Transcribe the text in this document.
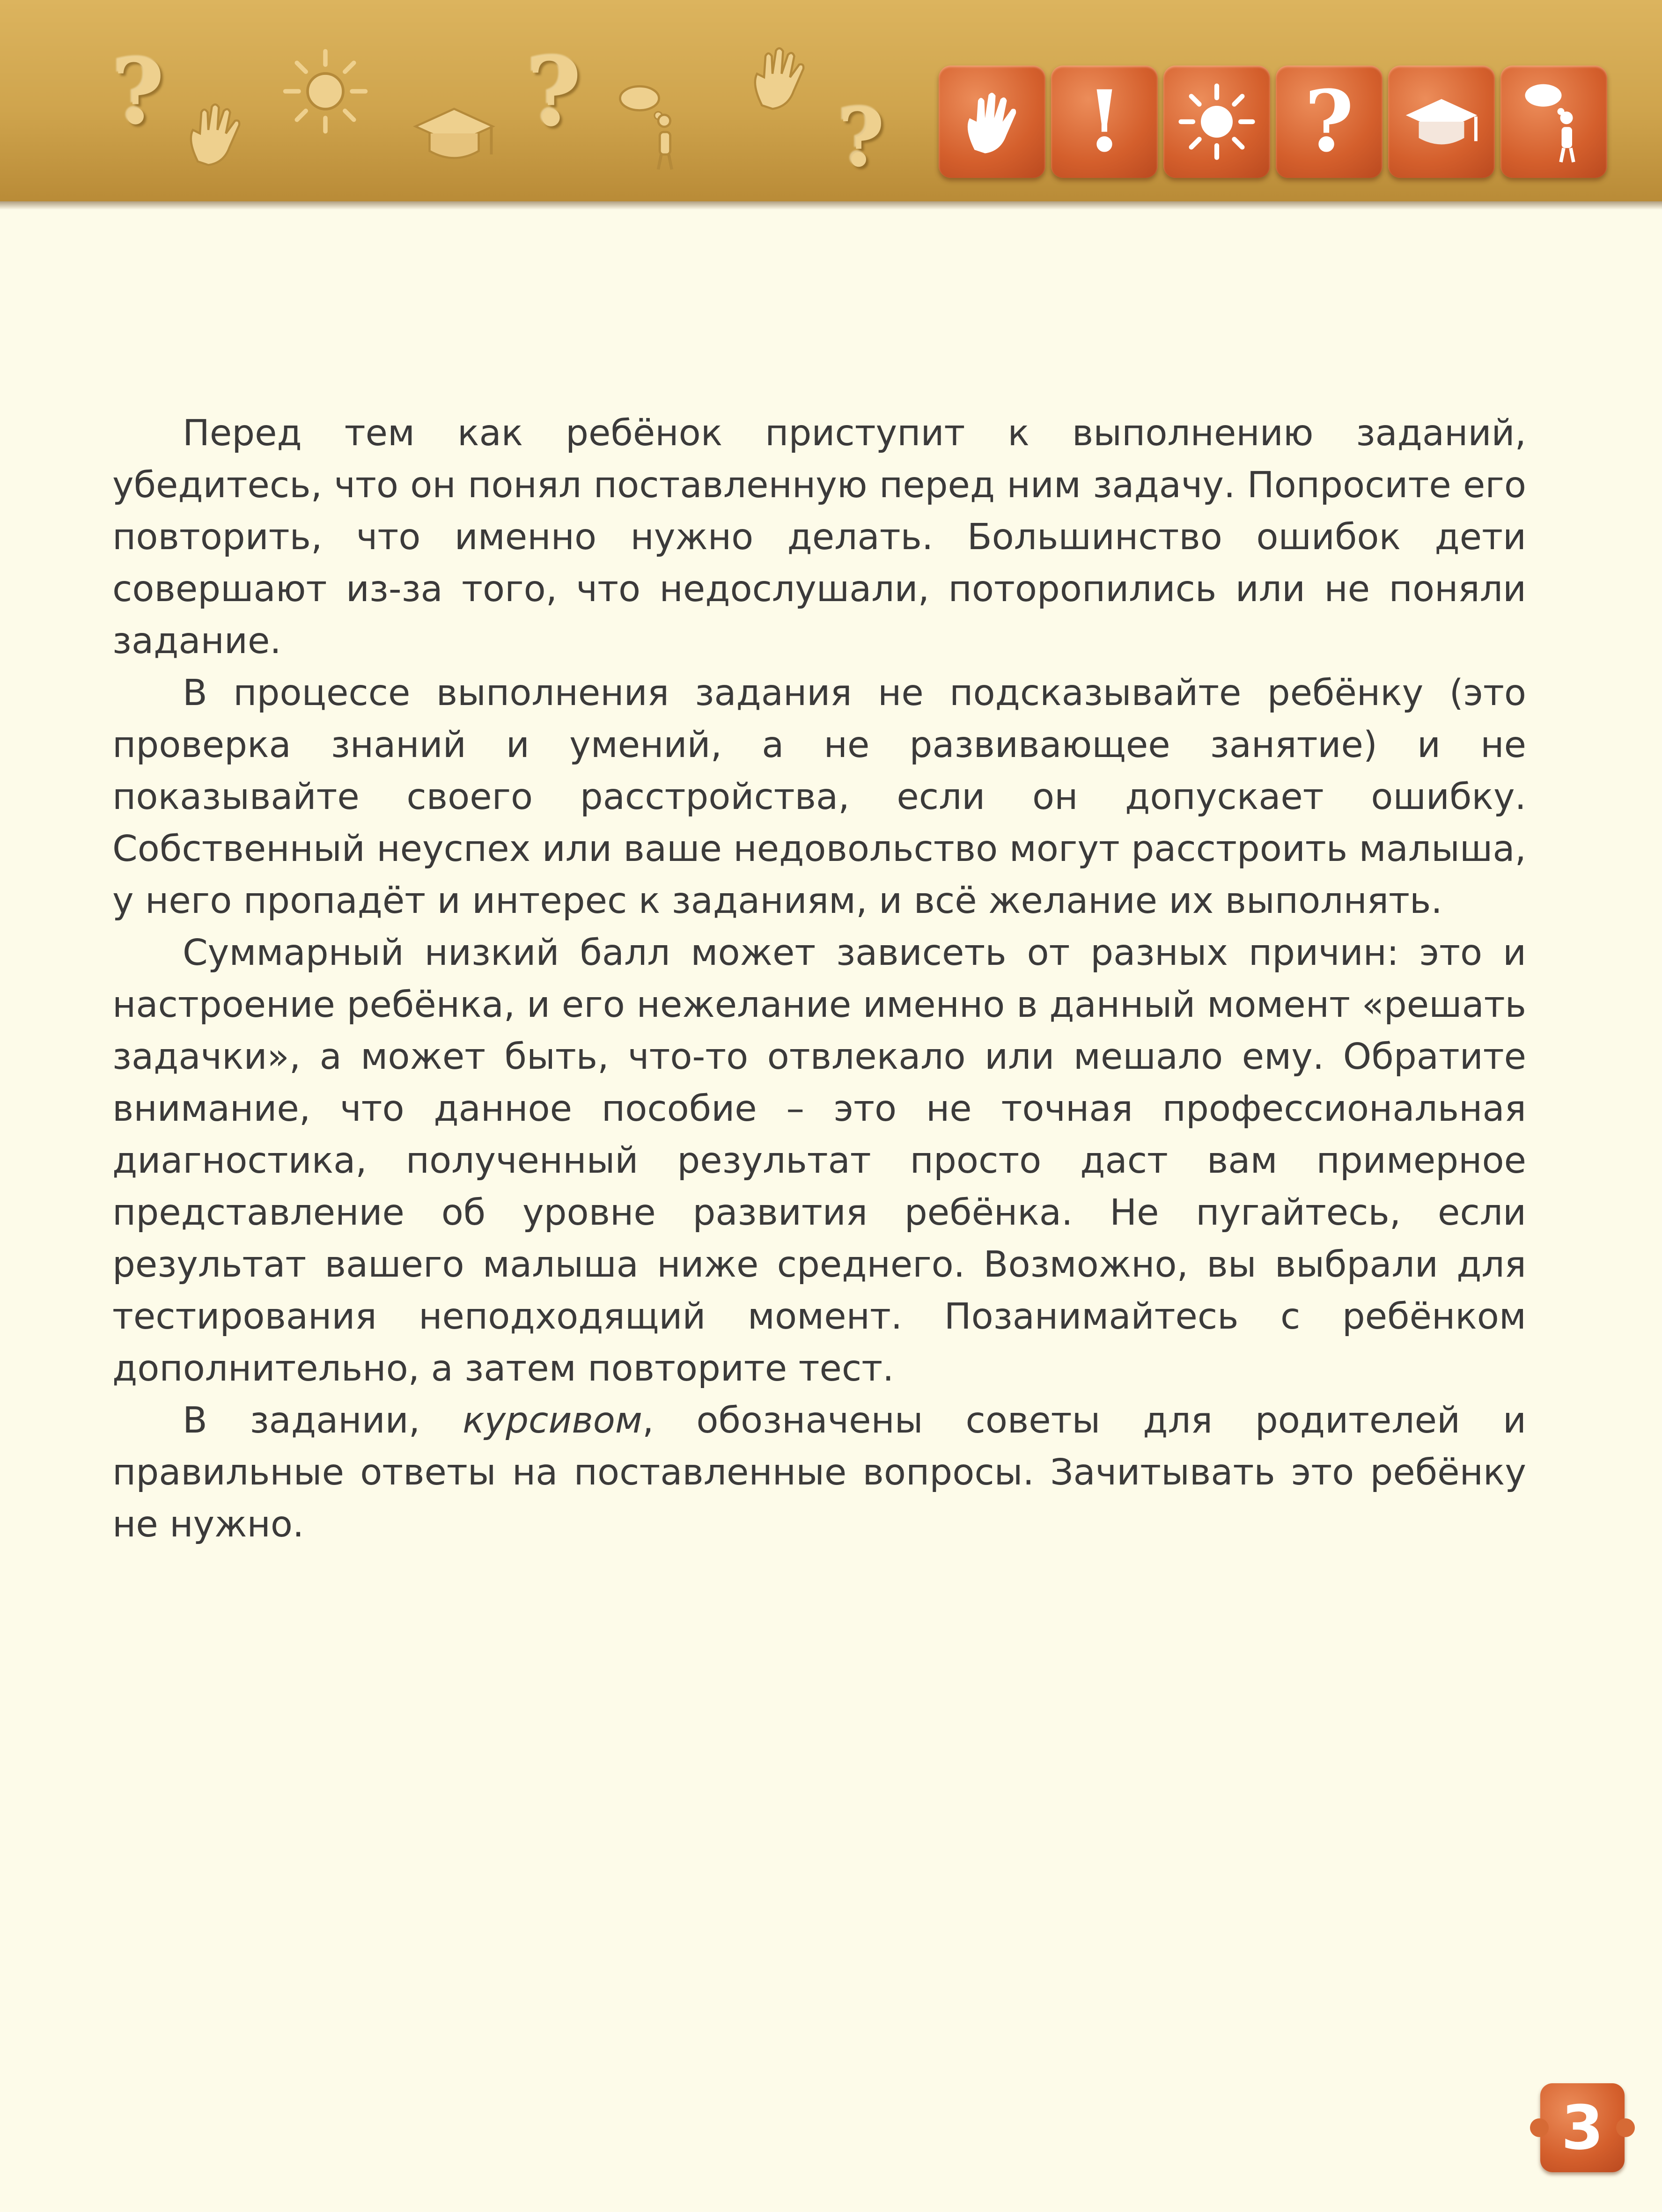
?	?	? ! ?

Перед тем как ребёнок приступит к выполнению заданий, убедитесь, что он понял поставленную перед ним задачу. Попросите его повторить, что именно нужно делать. Большинство ошибок дети совершают из-за того, что недослушали, поторопились или не поняли задание.

В процессе выполнения задания не подсказывайте ребёнку (это проверка знаний и умений, а не развивающее занятие) и не показывайте своего расстройства, если он допускает ошибку. Собственный неуспех или ваше недовольство могут расстроить малыша, у него пропадёт и интерес к заданиям, и всё желание их выполнять.

Суммарный низкий балл может зависеть от разных причин: это и настроение ребёнка, и его нежелание именно в данный момент «решать задачки», а может быть, что-то отвлекало или мешало ему. Обратите внимание, что данное пособие – это не точная профессиональная диагностика, полученный результат просто даст вам примерное представление об уровне развития ребёнка. Не пугайтесь, если результат вашего малыша ниже среднего. Возможно, вы выбрали для тестирования неподходящий момент. Позанимайтесь с ребёнком дополнительно, а затем повторите тест.

В задании, курсивом, обозначены советы для родителей и правильные ответы на поставленные вопросы. Зачитывать это ребёнку не нужно.

3
